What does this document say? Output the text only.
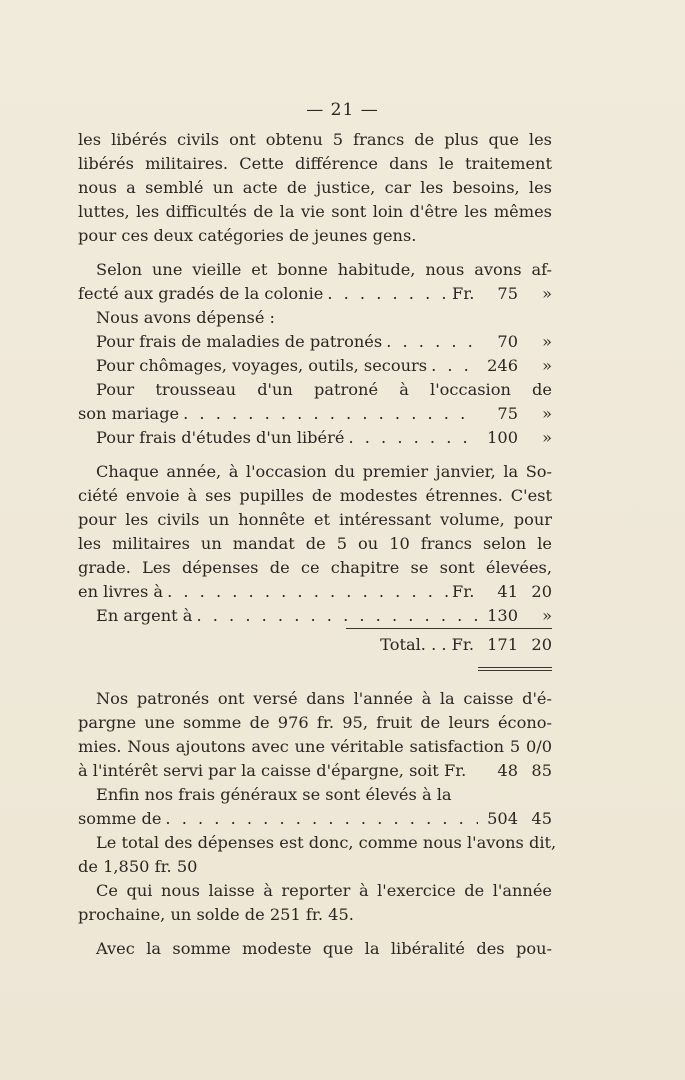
— 21 —
les libérés civils ont obtenu 5 francs de plus que les
libérés militaires. Cette différence dans le traitement
nous a semblé un acte de justice, car les besoins, les
luttes, les difficultés de la vie sont loin d'être les mêmes
pour ces deux catégories de jeunes gens.
Selon une vieille et bonne habitude, nous avons af-
fecté aux gradés de la colonie . . .	Fr.	75	»
Nous avons dépensé :
Pour frais de maladies de patronés . . .	70	»
Pour chômages, voyages, outils, secours . . .	246	»
Pour trousseau d'un patroné à l'occasion de
son mariage . . .	75	»
Pour frais d'études d'un libéré . . .	100	»
Chaque année, à l'occasion du premier janvier, la So-
ciété envoie à ses pupilles de modestes étrennes. C'est
pour les civils un honnête et intéressant volume, pour
les militaires un mandat de 5 ou 10 francs selon le
grade. Les dépenses de ce chapitre se sont élevées,
en livres à . . .	Fr.	41 20
En argent à . . .	130	»
Total. . . Fr. 171 20
Nos patronés ont versé dans l'année à la caisse d'é-
pargne une somme de 976 fr. 95, fruit de leurs écono-
mies. Nous ajoutons avec une véritable satisfaction 5 0/0
à l'intérêt servi par la caisse d'épargne, soit Fr.	48 85
Enfin nos frais généraux se sont élevés à la
somme de . . .	504 45
Le total des dépenses est donc, comme nous l'avons dit,
de 1,850 fr. 50
Ce qui nous laisse à reporter à l'exercice de l'année
prochaine, un solde de 251 fr. 45.
Avec la somme modeste que la libéralité des pou-
